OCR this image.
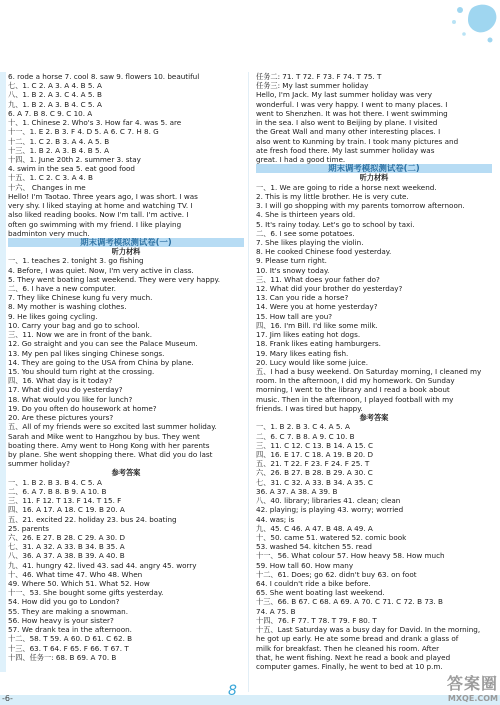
6. rode a horse 7. cool 8. saw 9. flowers 10. beautiful
七、1. C 2. A 3. A 4. B 5. A
八、1. B 2. A 3. C 4. A 5. B
九、1. B 2. A 3. B 4. C 5. A
6. A 7. B 8. C 9. C 10. A
十、1. Chinese 2. Who's 3. How far 4. was 5. are
十一、1. E 2. B 3. F 4. D 5. A 6. C 7. H 8. G
十二、1. C 2. B 3. A 4. A 5. B
十三、1. B 2. A 3. B 4. B 5. A
十四、1. June 20th 2. summer 3. stay
4. swim in the sea 5. eat good food
十五、1. C 2. C 3. A 4. B
十六、 Changes in me
Hello! I'm Taotao. Three years ago, I was short. I was
very shy. I liked staying at home and watching TV. I
also liked reading books. Now I'm tall. I'm active. I
often go swimming with my friend. I like playing
badminton very much.
期末调考模拟测试卷(一)
听力材料
一、1. teaches 2. tonight 3. go fishing
4. Before, I was quiet. Now, I'm very active in class.
5. They went boating last weekend. They were very happy.
二、6. I have a new computer.
7. They like Chinese kung fu very much.
8. My mother is washing clothes.
9. He likes going cycling.
10. Carry your bag and go to school.
三、11. Now we are in front of the bank.
12. Go straight and you can see the Palace Museum.
13. My pen pal likes singing Chinese songs.
14. They are going to the USA from China by plane.
15. You should turn right at the crossing.
四、16. What day is it today?
17. What did you do yesterday?
18. What would you like for lunch?
19. Do you often do housework at home?
20. Are these pictures yours?
五、All of my friends were so excited last summer holiday.
Sarah and Mike went to Hangzhou by bus. They went
boating there. Amy went to Hong Kong with her parents
by plane. She went shopping there. What did you do last
summer holiday?
参考答案
一、1. B 2. B 3. B 4. C 5. A
二、6. A 7. B 8. B 9. A 10. B
三、11. F 12. T 13. F 14. T 15. F
四、16. A 17. A 18. C 19. B 20. A
五、21. excited 22. holiday 23. bus 24. boating
25. parents
六、26. E 27. B 28. C 29. A 30. D
七、31. A 32. A 33. B 34. B 35. A
八、36. A 37. A 38. B 39. A 40. B
九、41. hungry 42. lived 43. sad 44. angry 45. worry
十、46. What time 47. Who 48. When
49. Where 50. Which 51. What 52. How
十一、53. She bought some gifts yesterday.
54. How did you go to London?
55. They are making a snowman.
56. How heavy is your sister?
57. We drank tea in the afternoon.
十二、58. T 59. A 60. D 61. C 62. B
十三、63. T 64. F 65. F 66. T 67. T
十四、任务一: 68. B 69. A 70. B
任务二: 71. T 72. F 73. F 74. T 75. T
任务三: My last summer holiday
Hello, I'm Jack. My last summer holiday was very
wonderful. I was very happy. I went to many places. I
went to Shenzhen. It was hot there. I went swimming
in the sea. I also went to Beijing by plane. I visited
the Great Wall and many other interesting places. I
also went to Kunming by train. I took many pictures and
ate fresh food there. My last summer holiday was
great. I had a good time.
期末调考模拟测试卷(二)
听力材料
一、1. We are going to ride a horse next weekend.
2. This is my little brother. He is very cute.
3. I will go shopping with my parents tomorrow afternoon.
4. She is thirteen years old.
5. It's rainy today. Let's go to school by taxi.
二、6. I see some potatoes.
7. She likes playing the violin.
8. He cooked Chinese food yesterday.
9. Please turn right.
10. It's snowy today.
三、11. What does your father do?
12. What did your brother do yesterday?
13. Can you ride a horse?
14. Were you at home yesterday?
15. How tall are you?
四、16. I'm Bill. I'd like some milk.
17. Jim likes eating hot dogs.
18. Frank likes eating hamburgers.
19. Mary likes eating fish.
20. Lucy would like some juice.
五、I had a busy weekend. On Saturday morning, I cleaned my
room. In the afternoon, I did my homework. On Sunday
morning, I went to the library and I read a book about
music. Then in the afternoon, I played football with my
friends. I was tired but happy.
参考答案
一、1. B 2. B 3. C 4. A 5. A
二、6. C 7. B 8. A 9. C 10. B
三、11. C 12. C 13. B 14. A 15. C
四、16. E 17. C 18. A 19. B 20. D
五、21. T 22. F 23. F 24. F 25. T
六、26. B 27. B 28. B 29. A 30. C
七、31. C 32. A 33. B 34. A 35. C
36. A 37. A 38. A 39. B
八、40. library; libraries 41. clean; clean
42. playing; is playing 43. worry; worried
44. was; is
九、45. C 46. A 47. B 48. A 49. A
十、50. came 51. watered 52. comic book
53. washed 54. kitchen 55. read
十一、56. What colour 57. How heavy 58. How much
59. How tall 60. How many
十二、61. Does; go 62. didn't buy 63. on foot
64. I couldn't ride a bike before.
65. She went boating last weekend.
十三、66. B 67. C 68. A 69. A 70. C 71. C 72. B 73. B
74. A 75. B
十四、76. F 77. T 78. T 79. F 80. T
十五、Last Saturday was a busy day for David. In the morning,
he got up early. He ate some bread and drank a glass of
milk for breakfast. Then he cleaned his room. After
that, he went fishing. Next he read a book and played
computer games. Finally, he went to bed at 10 p.m.
-6-	8	答案圈
MXQE.COM
